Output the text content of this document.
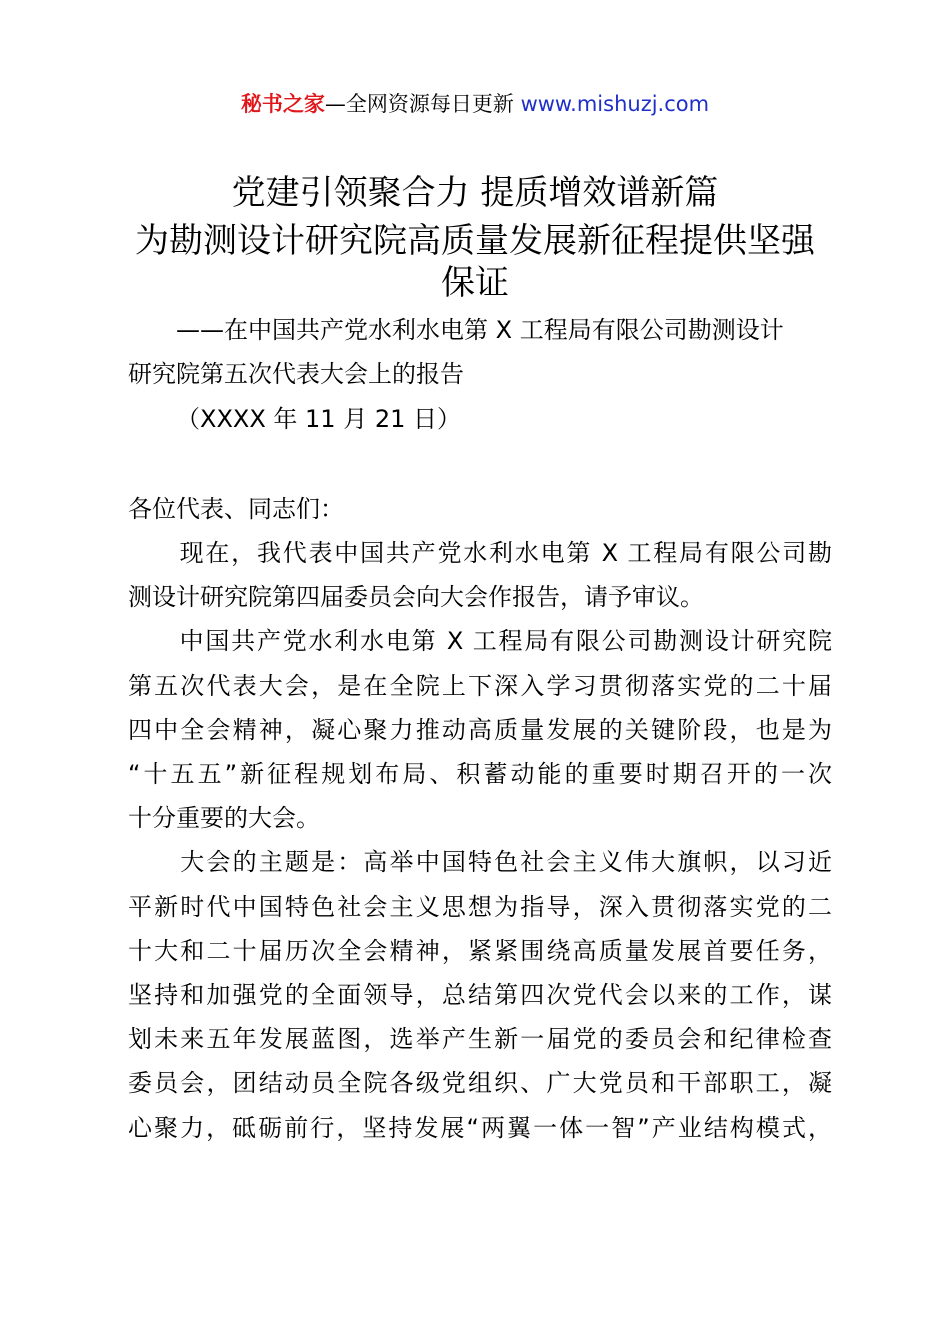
秘书之家—全网资源每日更新 www.mishuzj.com
党建引领聚合力 提质增效谱新篇
为勘测设计研究院高质量发展新征程提供坚强
保证
——在中国共产党水利水电第 X 工程局有限公司勘测设计
研究院第五次代表大会上的报告
（XXXX 年 11 月 21 日）
各位代表、同志们：
　　现在，我代表中国共产党水利水电第 X 工程局有限公司勘
测设计研究院第四届委员会向大会作报告，请予审议。
　　中国共产党水利水电第 X 工程局有限公司勘测设计研究院
第五次代表大会，是在全院上下深入学习贯彻落实党的二十届
四中全会精神，凝心聚力推动高质量发展的关键阶段，也是为
“十五五”新征程规划布局、积蓄动能的重要时期召开的一次
十分重要的大会。
　　大会的主题是：高举中国特色社会主义伟大旗帜，以习近
平新时代中国特色社会主义思想为指导，深入贯彻落实党的二
十大和二十届历次全会精神，紧紧围绕高质量发展首要任务，
坚持和加强党的全面领导，总结第四次党代会以来的工作，谋
划未来五年发展蓝图，选举产生新一届党的委员会和纪律检查
委员会，团结动员全院各级党组织、广大党员和干部职工，凝
心聚力，砥砺前行，坚持发展“两翼一体一智”产业结构模式，
